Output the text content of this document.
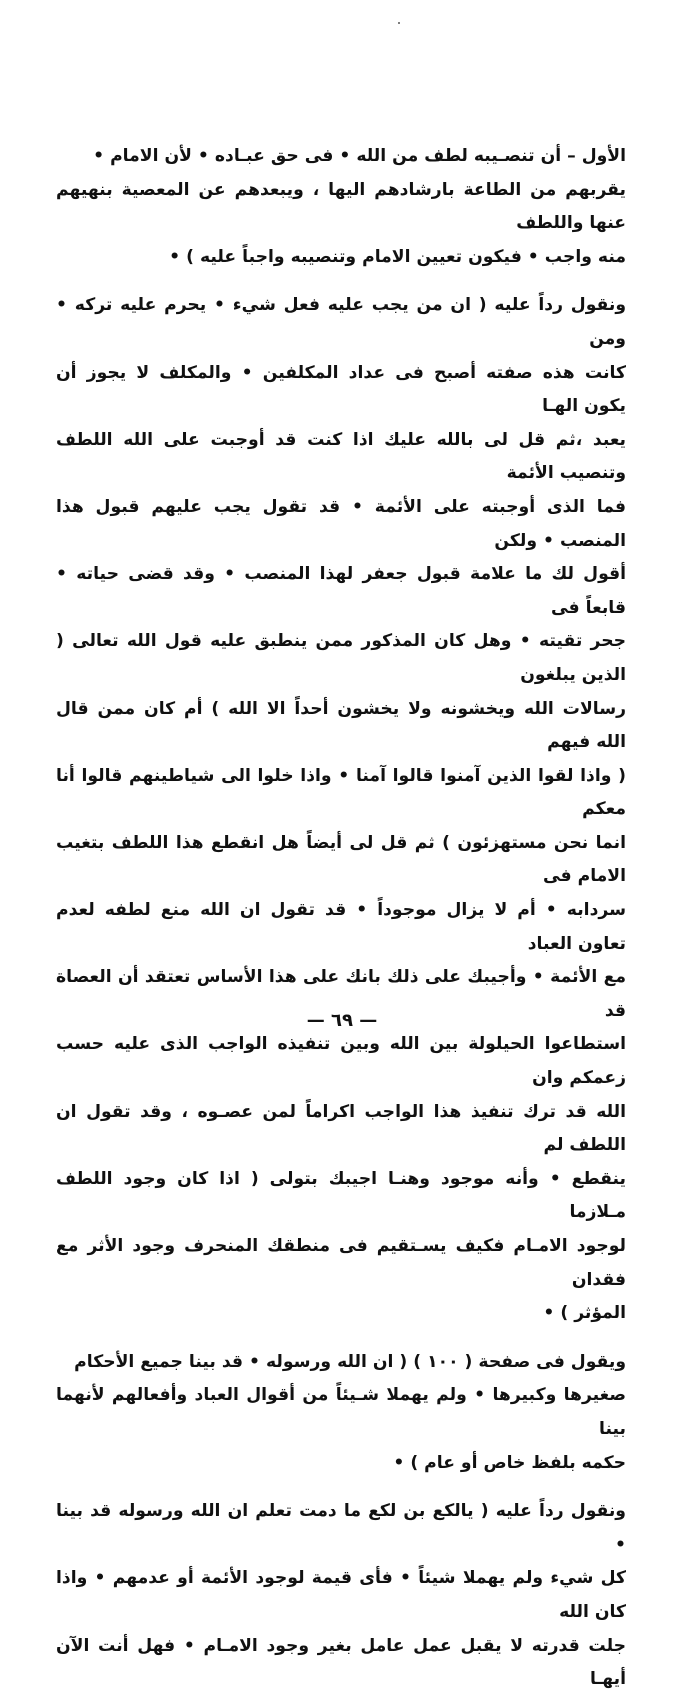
الأول – أن تنصـيبه لطف من الله • فى حق عبـاده • لأن الامام •
يقربهم من الطاعة بارشادهم اليها ، ويبعدهم عن المعصية بنهيهم عنها واللطف
منه واجب • فيكون تعيين الامام وتنصيبه واجباً عليه ) •

ونقول رداً عليه ( ان من يجب عليه فعل شيء • يحرم عليه تركه • ومن
كانت هذه صفته أصبح فى عداد المكلفين • والمكلف لا يجوز أن يكون الهـا
يعبد ،ثم قل لى بالله عليك اذا كنت قد أوجبت على الله اللطف وتنصيب الأئمة
فما الذى أوجبته على الأئمة • قد تقول يجب عليهم قبول هذا المنصب • ولكن
أقول لك ما علامة قبول جعفر لهذا المنصب • وقد قضى حياته • قابعاً فى
جحر تقيته • وهل كان المذكور ممن ينطبق عليه قول الله تعالى ( الذين يبلغون
رسالات الله ويخشونه ولا يخشون أحداً الا الله ) أم كان ممن قال الله فيهم
( واذا لقوا الذين آمنوا قالوا آمنا • واذا خلوا الى شياطينهم قالوا أنا معكم
انما نحن مستهزئون ) ثم قل لى أيضاً هل انقطع هذا اللطف بتغيب الامام فى
سردابه • أم لا يزال موجوداً • قد تقول ان الله منع لطفه لعدم تعاون العباد
مع الأئمة • وأجيبك على ذلك بانك على هذا الأساس تعتقد أن العصاة قد
استطاعوا الحيلولة بين الله وبين تنفيذه الواجب الذى عليه حسب زعمكم وان
الله قد ترك تنفيذ هذا الواجب اكراماً لمن عصـوه ، وقد تقول ان اللطف لم
ينقطع • وأنه موجود وهنـا اجيبك بتولى ( اذا كان وجود اللطف مـلازما
لوجود الامـام فكيف يسـتقيم فى منطقك المنحرف وجود الأثر مع فقدان
المؤثر ) •

ويقول فى صفحة ( ١٠٠ ) ( ان الله ورسوله • قد بينا جميع الأحكام
صغيرها وكبيرها • ولم يهملا شـيئاً من أقوال العباد وأفعالهم لأنهما بينا
حكمه بلفظ خاص أو عام ) •

ونقول رداً عليه ( يالكع بن لكع ما دمت تعلم ان الله ورسوله قد بينا •
كل شيء ولم يهملا شيئاً • فأى قيمة لوجود الأئمة أو عدمهم • واذا كان الله
جلت قدرته لا يقبل عمل عامل بغير وجود الامـام • فهل أنت الآن أيهـا

— ٦٩ —
